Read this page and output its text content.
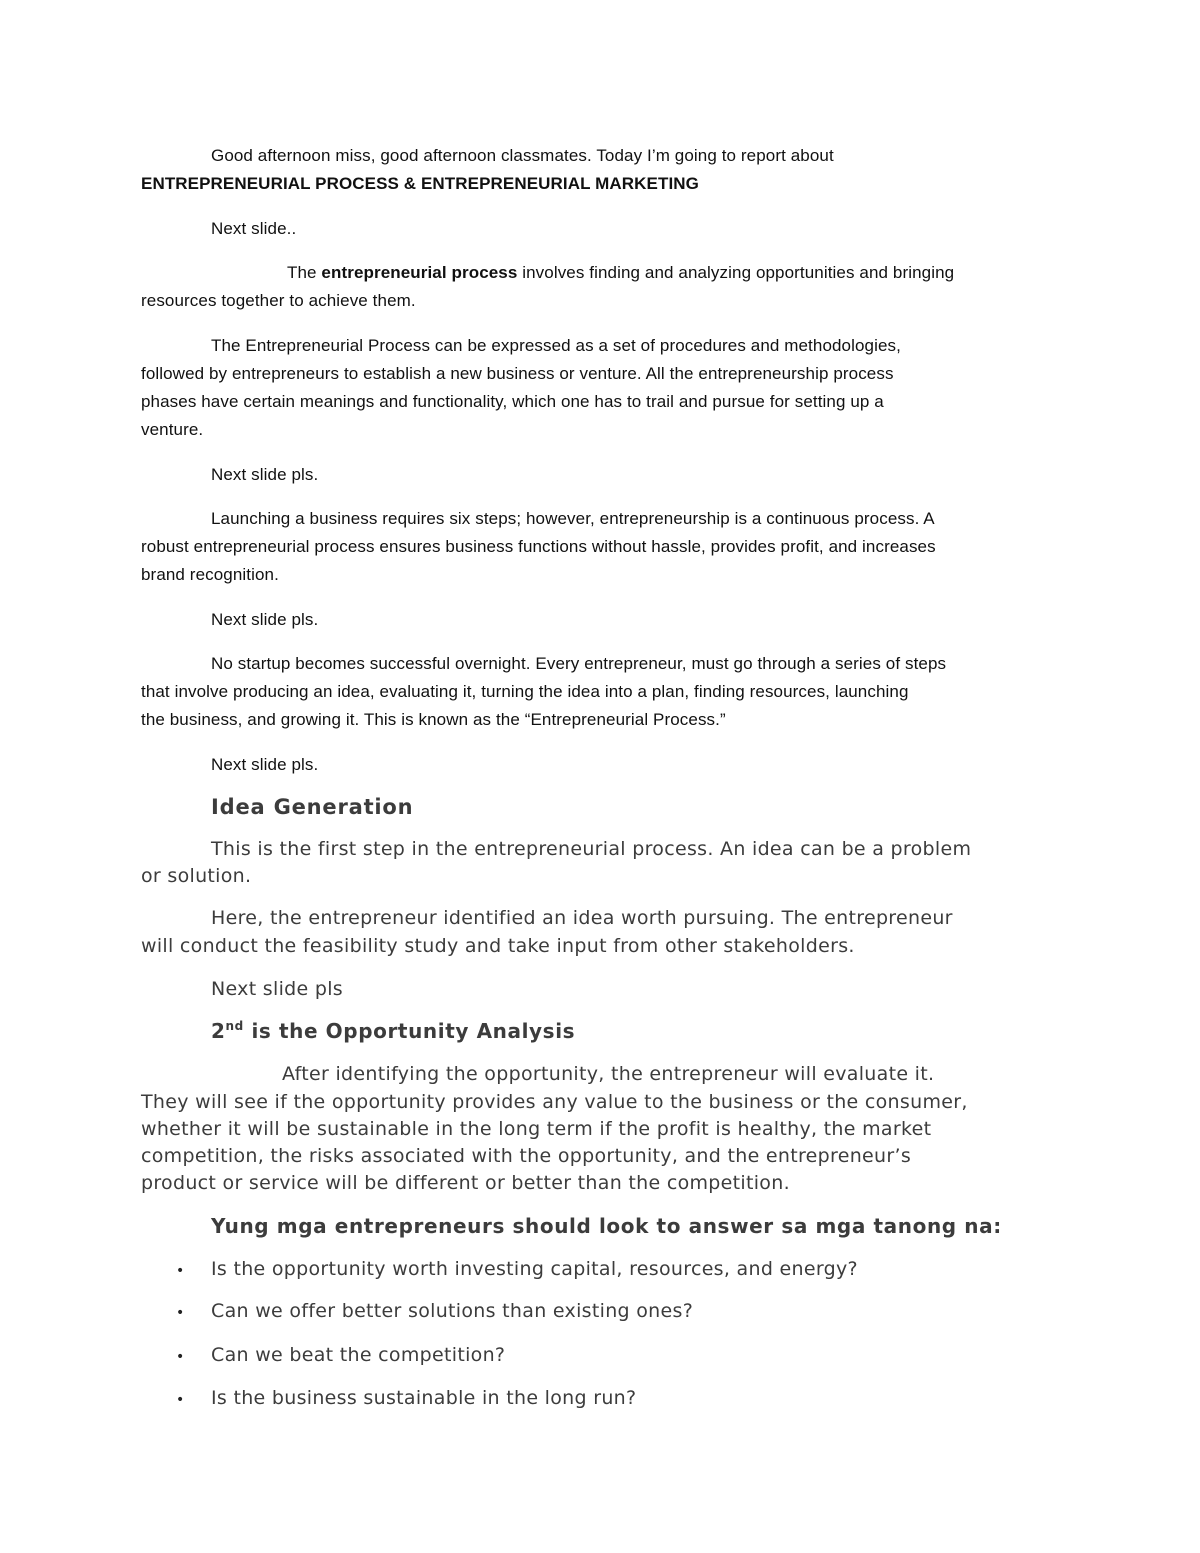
Good afternoon miss, good afternoon classmates. Today I’m going to report about
ENTREPRENEURIAL PROCESS & ENTREPRENEURIAL MARKETING
Next slide..
The entrepreneurial process involves finding and analyzing opportunities and bringing
resources together to achieve them.
The Entrepreneurial Process can be expressed as a set of procedures and methodologies,
followed by entrepreneurs to establish a new business or venture. All the entrepreneurship process
phases have certain meanings and functionality, which one has to trail and pursue for setting up a
venture.
Next slide pls.
Launching a business requires six steps; however, entrepreneurship is a continuous process. A
robust entrepreneurial process ensures business functions without hassle, provides profit, and increases
brand recognition.
Next slide pls.
No startup becomes successful overnight. Every entrepreneur, must go through a series of steps
that involve producing an idea, evaluating it, turning the idea into a plan, finding resources, launching
the business, and growing it. This is known as the “Entrepreneurial Process.”
Next slide pls.
Idea Generation
This is the first step in the entrepreneurial process. An idea can be a problem
or solution.
Here, the entrepreneur identified an idea worth pursuing. The entrepreneur
will conduct the feasibility study and take input from other stakeholders.
Next slide pls
2nd is the Opportunity Analysis
After identifying the opportunity, the entrepreneur will evaluate it.
They will see if the opportunity provides any value to the business or the consumer,
whether it will be sustainable in the long term if the profit is healthy, the market
competition, the risks associated with the opportunity, and the entrepreneur’s
product or service will be different or better than the competition.
Yung mga entrepreneurs should look to answer sa mga tanong na:
• Is the opportunity worth investing capital, resources, and energy?
• Can we offer better solutions than existing ones?
• Can we beat the competition?
• Is the business sustainable in the long run?
